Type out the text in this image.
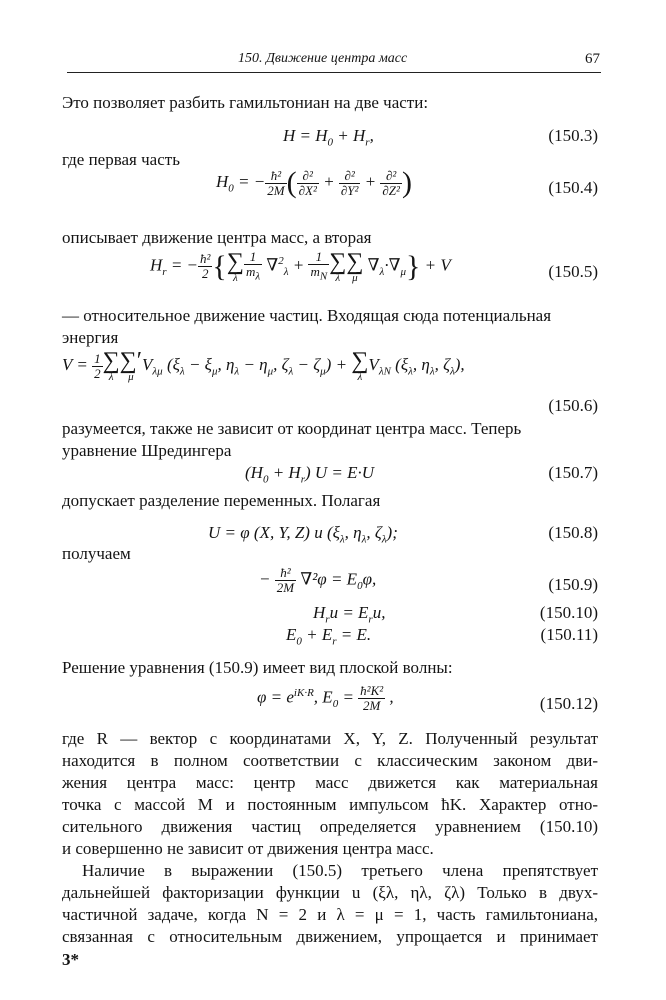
150. Движение центра масс	67
Это позволяет разбить гамильтониан на две части:
$H = H_0 + H_r$,	(150.3)
где первая часть
$H_0$ = − $\frac{\text{ħ²}}{2M}$ ( $\frac{\text{∂²}}{\text{∂X²}} + \frac{\text{∂²}}{\text{∂Y²}} + \frac{\text{∂²}}{\text{∂Z²}}$ )	(150.4)
описывает движение центра масс, а вторая
$H_r$ = − $\frac{\text{ħ²}}{2}$ { ∑
λ $\frac{1}{m_\lambda} \nabla^2_\lambda + \frac{1}{m_N}$ ∑
λ
∑
μ
$\nabla_\lambda\cdot\nabla_\mu\} + V$	(150.5)
— относительное движение частиц. Входящая сюда потенциальная
энергия
$V = \frac{1}{2}$ ∑
λ
∑′
μ
$V_{\lambda\mu}$ ($\xi_\lambda - \xi_\mu$, $\eta_\lambda - \eta_\mu$, $\zeta_\lambda - \zeta_\mu$) + ∑
λ
$V_{\lambda N}$ ($\xi_\lambda$, $\eta_\lambda$, $\zeta_\lambda$),
(150.6)
разумеется, также не зависит от координат центра масс. Теперь
уравнение Шредингера
$(H_0 + H_r) U = E\cdot U$	(150.7)
допускает разделение переменных. Полагая
U = φ (X, Y, Z) u ($\xi_\lambda$, $\eta_\lambda$, $\zeta_\lambda$);	(150.8)
получаем
− $\frac{\text{ħ²}}{2M} \nabla^2\varphi = E_0\varphi$,	(150.9)
$H_ru = E_ru$,	(150.10)
$E_0 + E_r = E$.	(150.11)
Решение уравнения (150.9) имеет вид плоской волны:
$\varphi = e^{iK\cdot R}$, $E_0 = \frac{\text{ħ²K²}}{2M}$ ,	(150.12)
где R — вектор с координатами X, Y, Z. Полученный результат
находится в полном соответствии с классическим законом дви-
жения центра масс: центр масс движется как материальная
точка с массой M и постоянным импульсом ħK. Характер отно-
сительного движения частиц определяется уравнением (150.10)
и совершенно не зависит от движения центра масс.
Наличие в выражении (150.5) третьего члена препятствует
дальнейшей факторизации функции u (ξλ, ηλ, ζλ) Только в двух-
частичной задаче, когда N = 2 и λ = μ = 1, часть гамильтониана,
связанная с относительным движением, упрощается и принимает
3*
